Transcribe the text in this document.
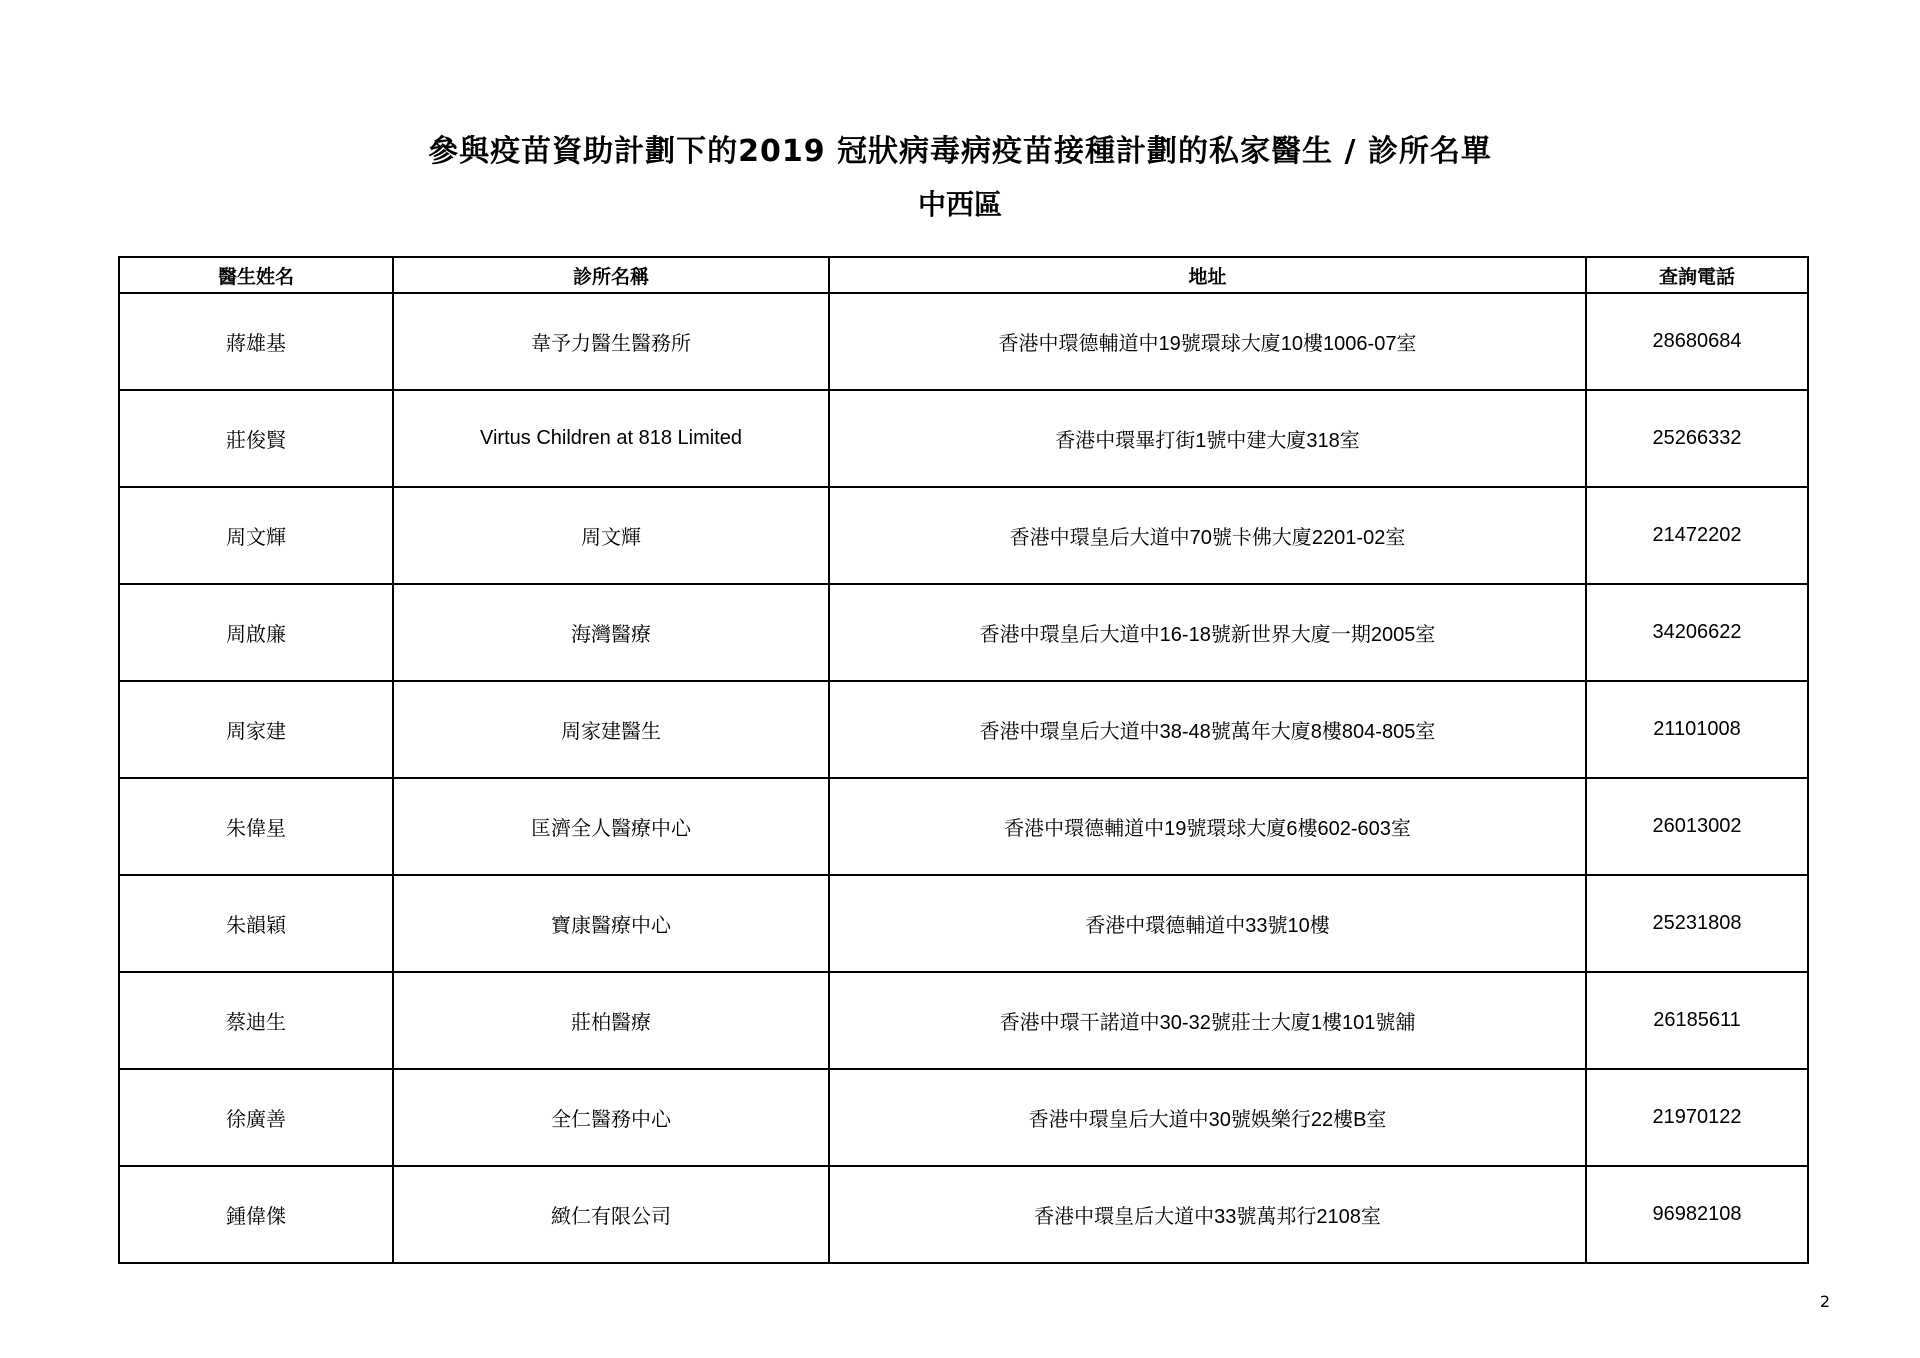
參與疫苗資助計劃下的2019 冠狀病毒病疫苗接種計劃的私家醫生 / 診所名單
中西區
醫生姓名	診所名稱	地址	查詢電話
蔣雄基	韋予力醫生醫務所	香港中環德輔道中19號環球大廈10樓1006-07室	28680684
莊俊賢	Virtus Children at 818 Limited	香港中環畢打街1號中建大廈318室	25266332
周文輝	周文輝	香港中環皇后大道中70號卡佛大廈2201-02室	21472202
周啟廉	海灣醫療	香港中環皇后大道中16-18號新世界大廈一期2005室	34206622
周家建	周家建醫生	香港中環皇后大道中38-48號萬年大廈8樓804-805室	21101008
朱偉星	匡濟全人醫療中心	香港中環德輔道中19號環球大廈6樓602-603室	26013002
朱韻穎	寶康醫療中心	香港中環德輔道中33號10樓	25231808
蔡迪生	莊柏醫療	香港中環干諾道中30-32號莊士大廈1樓101號舖	26185611
徐廣善	全仁醫務中心	香港中環皇后大道中30號娛樂行22樓B室	21970122
鍾偉傑	緻仁有限公司	香港中環皇后大道中33號萬邦行2108室	96982108
2
